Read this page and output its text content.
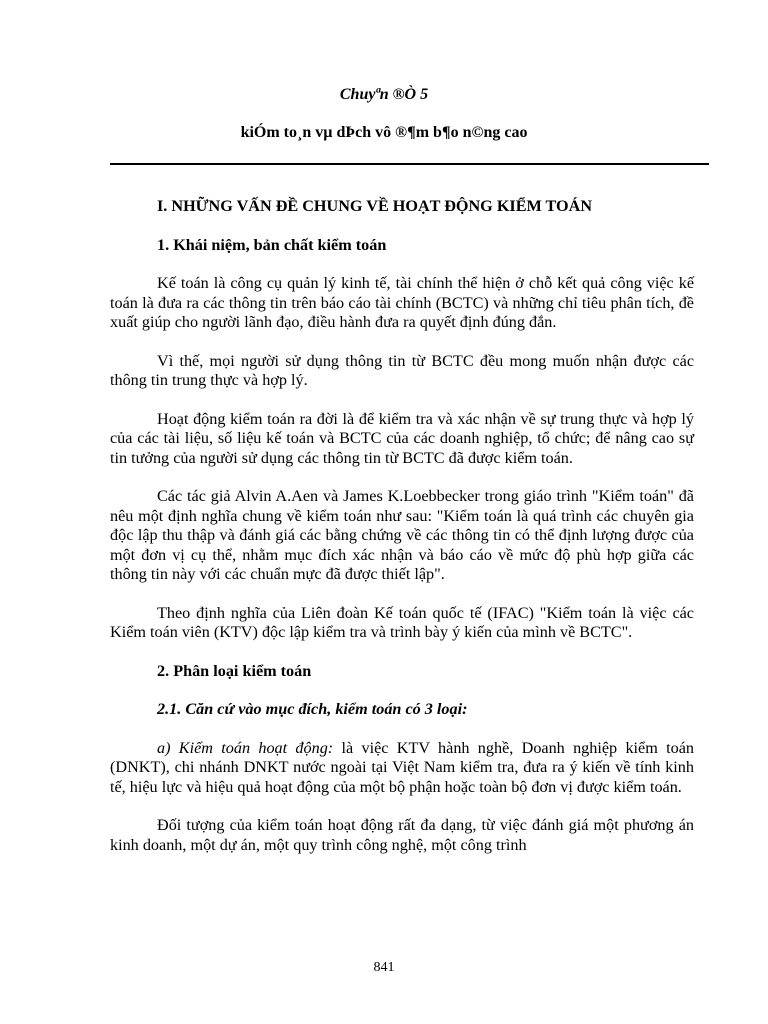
Chuyªn ®Ò 5
kiÓm to¸n vµ dÞch vô ®¶m b¶o n©ng cao
I. NHỮNG VẤN ĐỀ CHUNG VỀ HOẠT ĐỘNG KIỂM TOÁN
1. Khái niệm, bản chất kiểm toán

Kế toán là công cụ quản lý kinh tế, tài chính thể hiện ở chỗ kết quả công việc kế toán là đưa ra các thông tin trên báo cáo tài chính (BCTC) và những chỉ tiêu phân tích, đề xuất giúp cho người lãnh đạo, điều hành đưa ra quyết định đúng đắn.

Vì thế, mọi người sử dụng thông tin từ BCTC đều mong muốn nhận được các thông tin trung thực và hợp lý.

Hoạt động kiểm toán ra đời là để kiểm tra và xác nhận về sự trung thực và hợp lý của các tài liệu, số liệu kế toán và BCTC của các doanh nghiệp, tổ chức; để nâng cao sự tin tưởng của người sử dụng các thông tin từ BCTC đã được kiểm toán.

Các tác giả Alvin A.Aen và James K.Loebbecker trong giáo trình "Kiểm toán" đã nêu một định nghĩa chung về kiểm toán như sau: "Kiểm toán là quá trình các chuyên gia độc lập thu thập và đánh giá các bằng chứng về các thông tin có thể định lượng được của một đơn vị cụ thể, nhằm mục đích xác nhận và báo cáo về mức độ phù hợp giữa các thông tin này với các chuẩn mực đã được thiết lập".

Theo định nghĩa của Liên đoàn Kế toán quốc tế (IFAC) "Kiểm toán là việc các Kiểm toán viên (KTV) độc lập kiểm tra và trình bày ý kiến của mình về BCTC".

2. Phân loại kiểm toán
2.1. Căn cứ vào mục đích, kiểm toán có 3 loại:

a) Kiểm toán hoạt động: là việc KTV hành nghề, Doanh nghiệp kiểm toán (DNKT), chi nhánh DNKT nước ngoài tại Việt Nam kiểm tra, đưa ra ý kiến về tính kinh tế, hiệu lực và hiệu quả hoạt động của một bộ phận hoặc toàn bộ đơn vị được kiểm toán.

Đối tượng của kiểm toán hoạt động rất đa dạng, từ việc đánh giá một phương án kinh doanh, một dự án, một quy trình công nghệ, một công trình

841
